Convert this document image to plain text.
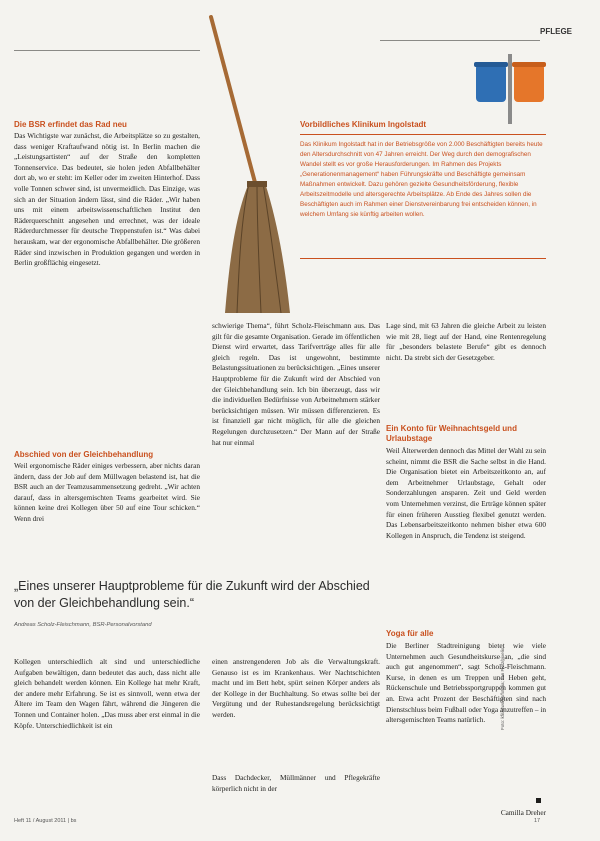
PFLEGE
Die BSR erfindet das Rad neu
Das Wichtigste war zunächst, die Arbeitsplätze so zu gestalten, dass weniger Kraftaufwand nötig ist. In Berlin machen die „Leistungsartisten“ auf der Straße den kompletten Tonnenservice. Das bedeutet, sie holen jeden Abfallbehälter dort ab, wo er steht: im Keller oder im zweiten Hinterhof. Dass volle Tonnen schwer sind, ist unvermeidlich. Das Einzige, was sich an der Situation ändern lässt, sind die Räder. „Wir haben uns mit einem arbeitswissenschaftlichen Institut den Räderquerschnitt angesehen und errechnet, was der ideale Räderdurchmesser für deutsche Treppenstufen ist.“ Was dabei herauskam, war der ergonomische Abfallbehälter. Die größeren Räder sind inzwischen in Produktion gegangen und werden in Berlin großflächig eingesetzt.
Abschied von der Gleichbehandlung
Weil ergonomische Räder einiges verbessern, aber nichts daran ändern, dass der Job auf dem Müllwagen belastend ist, hat die BSR auch an der Teamzusammensetzung gedreht. „Wir achten darauf, dass in altersgemischten Teams gearbeitet wird. Sie können keine drei Kollegen über 50 auf eine Tour schicken.“ Wenn drei
Vorbildliches Klinikum Ingolstadt
Das Klinikum Ingolstadt hat in der Betriebsgröße von 2.000 Beschäftigten bereits heute den Altersdurchschnitt von 47 Jahren erreicht. Der Weg durch den demografischen Wandel stellt es vor große Herausforderungen. Im Rahmen des Projekts „Generationenmanagement“ haben Führungskräfte und Beschäftigte gemeinsam Maßnahmen entwickelt. Dazu gehören gezielte Gesundheitsförderung, flexible Arbeitszeitmodelle und altersgerechte Arbeitsplätze. Ab Ende des Jahres sollen die Beschäftigten auch im Rahmen einer Dienstvereinbarung frei entscheiden können, in welchem Umfang sie künftig arbeiten wollen.
schwierige Thema“, führt Scholz-Fleischmann aus. Das gilt für die gesamte Organisation. Gerade im öffentlichen Dienst wird erwartet, dass Tarifverträge alles für alle gleich regeln. Das ist ungewohnt, bestimmte Belastungssituationen zu berücksichtigen. „Eines unserer Hauptprobleme für die Zukunft wird der Abschied von der Gleichbehandlung sein. Ich bin überzeugt, dass wir die individuellen Bedürfnisse von Arbeitnehmern stärker berücksichtigen müssen. Wir müssen differenzieren. Es ist finanziell gar nicht möglich, für alle die gleichen Regelungen durchzusetzen.“ Der Mann auf der Straße hat nur einmal
Lage sind, mit 63 Jahren die gleiche Arbeit zu leisten wie mit 28, liegt auf der Hand, eine Rentenregelung für „besonders belastete Berufe“ gibt es dennoch nicht. Da strebt sich der Gesetzgeber.
Ein Konto für Weihnachtsgeld und Urlaubstage
Weil Älterwerden dennoch das Mittel der Wahl zu sein scheint, nimmt die BSR die Sache selbst in die Hand. Die Organisation bietet ein Arbeitszeitkonto an, auf dem Arbeitnehmer Urlaubstage, Gehalt oder Sonderzahlungen ansparen. Zeit und Geld werden vom Unternehmen verzinst, die Erträge können später für einen früheren Ausstieg flexibel genutzt werden. Das Lebensarbeitszeitkonto nehmen bisher etwa 600 Kollegen in Anspruch, die Tendenz ist steigend.
Yoga für alle
Die Berliner Stadtreinigung bietet wie viele Unternehmen auch Gesundheitskurse an, „die sind auch gut angenommen“, sagt Scholz-Fleischmann. Kurse, in denen es um Treppen und Heben geht, Rückenschule und Betriebssportgruppen kommen gut an. Etwa acht Prozent der Beschäftigten sind nach Dienstschluss beim Fußball oder Yoga anzutreffen – in altersgemischten Teams natürlich.
Camilla Dreher
Foto: kfi/artworks/fotolia; Jan Fietz/pixelio
„Eines unserer Hauptprobleme für die Zukunft wird der Abschied von der Gleichbehandlung sein.“
Andreas Scholz-Fleischmann, BSR-Personalvorstand
Kollegen unterschiedlich alt sind und unterschiedliche Aufgaben bewältigen, dann bedeutet das auch, dass nicht alle gleich behandelt werden können. Ein Kollege hat mehr Kraft, der andere mehr Erfahrung. Se ist es sinnvoll, wenn etwa der Ältere im Team den Wagen fährt, während die Jüngeren die Tonnen und Container holen. „Das muss aber erst einmal in die Köpfe. Unterschiedlichkeit ist ein
einen anstrengenderen Job als die Verwaltungskraft. Genauso ist es im Krankenhaus. Wer Nachtschichten macht und im Bett hebt, spürt seinen Körper anders als der Kollege in der Buchhaltung. So etwas sollte bei der Vergütung und der Ruhestandsregelung berücksichtigt werden.
Dass Dachdecker, Müllmänner und Pflegekräfte körperlich nicht in der
Heft 11 / August 2011 | bs	17
